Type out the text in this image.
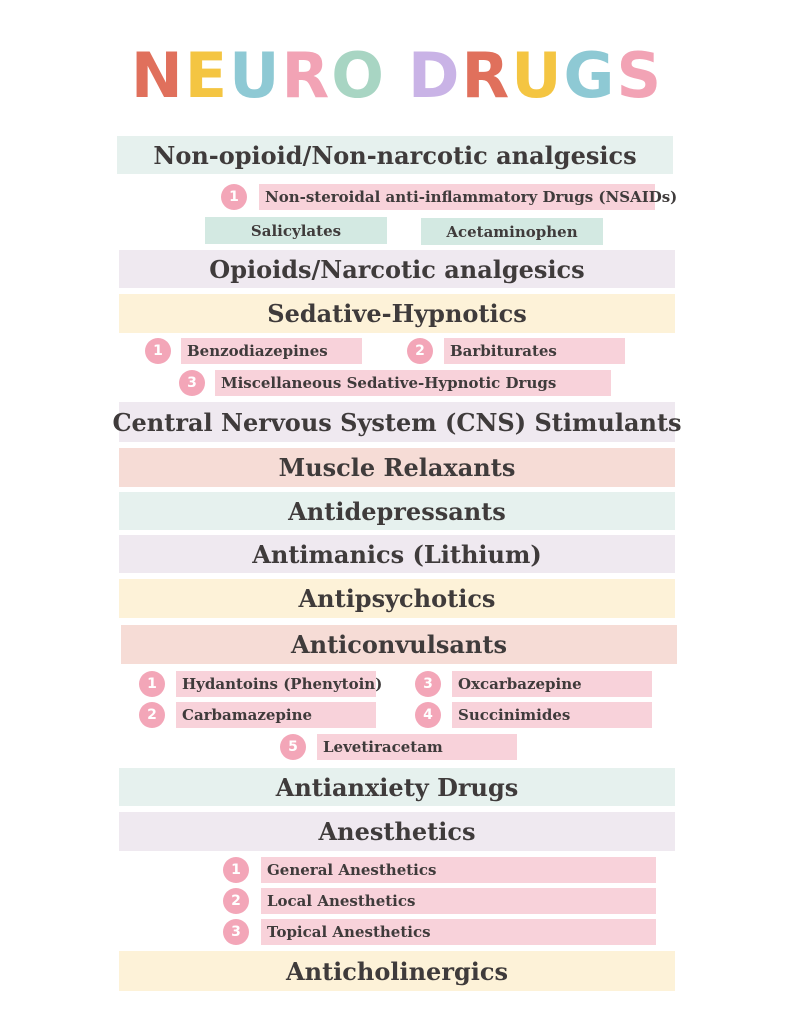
NEURO DRUGS
Non-opioid/Non-narcotic analgesics
1	Non-steroidal anti-inflammatory Drugs (NSAIDs)
Salicylates	Acetaminophen
Opioids/Narcotic analgesics
Sedative-Hypnotics
1	Benzodiazepines	2	Barbiturates
3	Miscellaneous Sedative-Hypnotic Drugs
Central Nervous System (CNS) Stimulants
Muscle Relaxants
Antidepressants
Antimanics (Lithium)
Antipsychotics
Anticonvulsants
1	Hydantoins (Phenytoin)
2	Carbamazepine
3	Oxcarbazepine
4	Succinimides
5	Levetiracetam
Antianxiety Drugs
Anesthetics
1	General Anesthetics
2	Local Anesthetics
3	Topical Anesthetics
Anticholinergics
